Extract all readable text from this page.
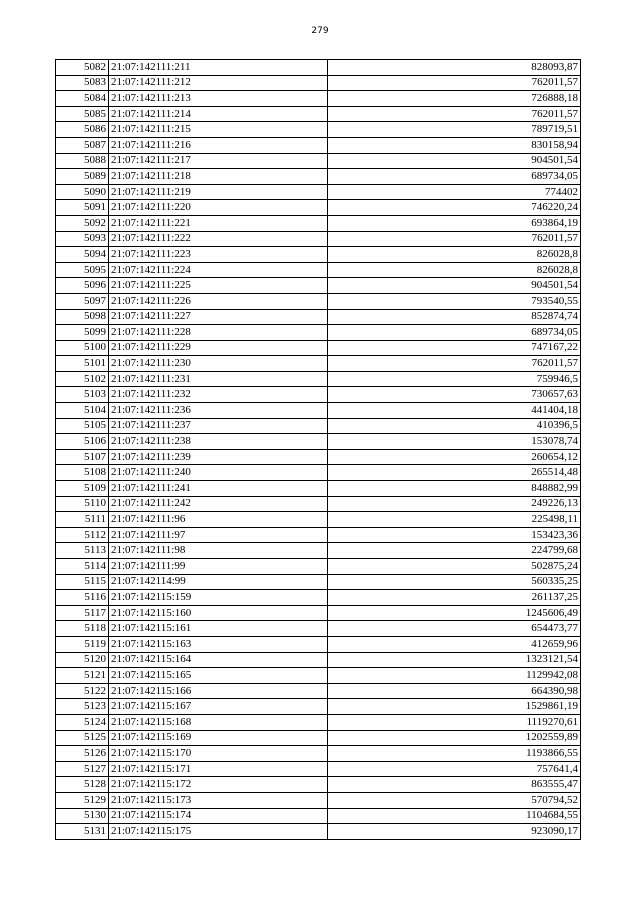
279
5082	21:07:142111:211	828093,87
5083	21:07:142111:212	762011,57
5084	21:07:142111:213	726888,18
5085	21:07:142111:214	762011,57
5086	21:07:142111:215	789719,51
5087	21:07:142111:216	830158,94
5088	21:07:142111:217	904501,54
5089	21:07:142111:218	689734,05
5090	21:07:142111:219	774402
5091	21:07:142111:220	746220,24
5092	21:07:142111:221	693864,19
5093	21:07:142111:222	762011,57
5094	21:07:142111:223	826028,8
5095	21:07:142111:224	826028,8
5096	21:07:142111:225	904501,54
5097	21:07:142111:226	793540,55
5098	21:07:142111:227	852874,74
5099	21:07:142111:228	689734,05
5100	21:07:142111:229	747167,22
5101	21:07:142111:230	762011,57
5102	21:07:142111:231	759946,5
5103	21:07:142111:232	730657,63
5104	21:07:142111:236	441404,18
5105	21:07:142111:237	410396,5
5106	21:07:142111:238	153078,74
5107	21:07:142111:239	260654,12
5108	21:07:142111:240	265514,48
5109	21:07:142111:241	848882,99
5110	21:07:142111:242	249226,13
5111	21:07:142111:96	225498,11
5112	21:07:142111:97	153423,36
5113	21:07:142111:98	224799,68
5114	21:07:142111:99	502875,24
5115	21:07:142114:99	560335,25
5116	21:07:142115:159	261137,25
5117	21:07:142115:160	1245606,49
5118	21:07:142115:161	654473,77
5119	21:07:142115:163	412659,96
5120	21:07:142115:164	1323121,54
5121	21:07:142115:165	1129942,08
5122	21:07:142115:166	664390,98
5123	21:07:142115:167	1529861,19
5124	21:07:142115:168	1119270,61
5125	21:07:142115:169	1202559,89
5126	21:07:142115:170	1193866,55
5127	21:07:142115:171	757641,4
5128	21:07:142115:172	863555,47
5129	21:07:142115:173	570794,52
5130	21:07:142115:174	1104684,55
5131	21:07:142115:175	923090,17
